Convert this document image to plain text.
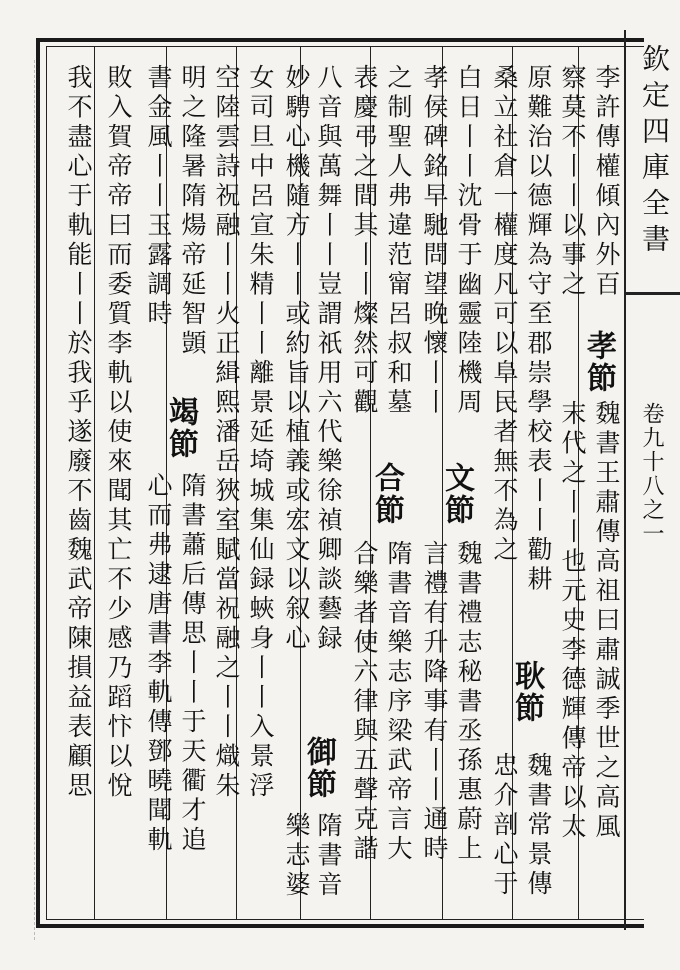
欽定四庫全書
卷九十八之一
李許傳權傾內外百
孝節
魏書王肅傳高祖曰肅誠季世之高風
察莫不丨丨以事之
末代之丨丨也元史李德輝傳帝以太
原難治以德輝為守至郡崇學校表丨丨勸耕
耿節
魏書常景傳
桑立社倉一權度凡可以阜民者無不為之
忠介剖心于
白日丨丨沈骨于幽靈陸機周
文節
魏書禮志秘書丞孫惠蔚上
孝侯碑銘早馳問望晚懷丨丨
言禮有升降事有丨丨通時
之制聖人弗違范甯呂叔和墓
合節
隋書音樂志序梁武帝言大
表慶弔之間其丨丨燦然可觀
合樂者使六律與五聲克諧
八音與萬舞丨丨豈謂祇用六代樂徐禎卿談藝録
御節
隋書音
妙騁心機隨方丨丨或約旨以植義或宏文以叙心
樂志婆
女司旦中呂宣朱精丨丨離景延埼城集仙録蛺身丨丨入景浮
空陸雲詩祝融丨丨火正緝熙潘岳狹室賦當祝融之丨丨熾朱
明之隆暑隋煬帝延智顗
竭節
隋書蕭后傳思丨丨于天衢才追
書金風丨丨玉露調時
心而弗逮唐書李軌傳鄧曉聞軌
敗入賀帝帝曰而委質李軌以使來聞其亡不少感乃蹈忭以悅
我不盡心于軌能丨丨於我乎遂廢不齒魏武帝陳損益表顧思
